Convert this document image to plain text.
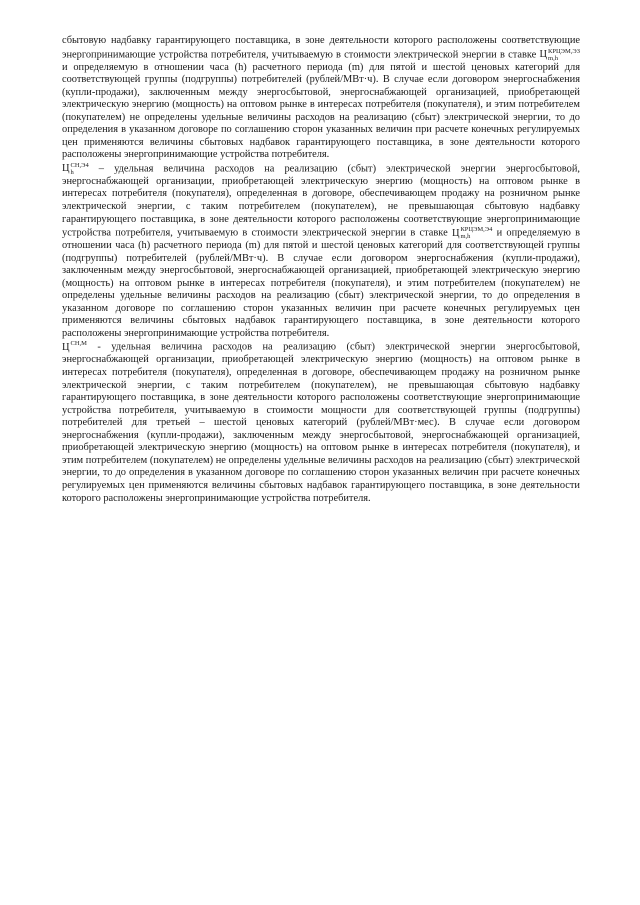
сбытовую надбавку гарантирующего поставщика, в зоне деятельности которого расположены соответствующие энергопринимающие устройства потребителя, учитываемую в стоимости электрической энергии в ставке Ц КРЦЭМ,ЭЗ
m,h
и определяемую в отношении часа (h) расчетного периода (m) для пятой и шестой ценовых категорий для соответствующей группы (подгруппы) потребителей (рублей/МВт·ч). В случае если договором энергоснабжения (купли-продажи), заключенным между энергосбытовой, энергоснабжающей организацией, приобретающей электрическую энергию (мощность) на оптовом рынке в интересах потребителя (покупателя), и этим потребителем (покупателем) не определены удельные величины расходов на реализацию (сбыт) электрической энергии, то до определения в указанном договоре по соглашению сторон указанных величин при расчете конечных регулируемых цен применяются величины сбытовых надбавок гарантирующего поставщика, в зоне деятельности которого расположены энергопринимающие устройства потребителя.

Ц СН,Э4
h	– удельная величина расходов на реализацию (сбыт) электрической энергии энергосбытовой, энергоснабжающей организации, приобретающей электрическую энергию (мощность) на оптовом рынке в интересах потребителя (покупателя), определенная в договоре, обеспечивающем продажу на розничном рынке электрической энергии, с таким потребителем (покупателем), не превышающая сбытовую надбавку гарантирующего поставщика, в зоне деятельности которого расположены соответствующие энергопринимающие устройства потребителя, учитываемую в стоимости электрической энергии в ставке Ц КРЦЭМ,Э4
m,h	и определяемую в отношении часа (h) расчетного периода (m) для пятой и шестой ценовых категорий для соответствующей группы (подгруппы) потребителей (рублей/МВт·ч). В случае если договором энергоснабжения (купли-продажи), заключенным между энергосбытовой, энергоснабжающей организацией, приобретающей электрическую энергию (мощность) на оптовом рынке в интересах потребителя (покупателя), и этим потребителем (покупателем) не определены удельные величины расходов на реализацию (сбыт) электрической энергии, то до определения в указанном договоре по соглашению сторон указанных величин при расчете конечных регулируемых цен применяются величины сбытовых надбавок гарантирующего поставщика, в зоне деятельности которого расположены энергопринимающие устройства потребителя.

Ц СН,М
- удельная величина расходов на реализацию (сбыт) электрической энергии энергосбытовой, энергоснабжающей организации, приобретающей электрическую энергию (мощность) на оптовом рынке в интересах потребителя (покупателя), определенная в договоре, обеспечивающем продажу на розничном рынке электрической энергии, с таким потребителем (покупателем), не превышающая сбытовую надбавку гарантирующего поставщика, в зоне деятельности которого расположены соответствующие энергопринимающие устройства потребителя, учитываемую в стоимости мощности для соответствующей группы (подгруппы) потребителей для третьей – шестой ценовых категорий (рублей/МВт·мес). В случае если договором энергоснабжения (купли-продажи), заключенным между энергосбытовой, энергоснабжающей организацией, приобретающей электрическую энергию (мощность) на оптовом рынке в интересах потребителя (покупателя), и этим потребителем (покупателем) не определены удельные величины расходов на реализацию (сбыт) электрической энергии, то до определения в указанном договоре по соглашению сторон указанных величин при расчете конечных регулируемых цен применяются величины сбытовых надбавок гарантирующего поставщика, в зоне деятельности которого расположены энергопринимающие устройства потребителя.
